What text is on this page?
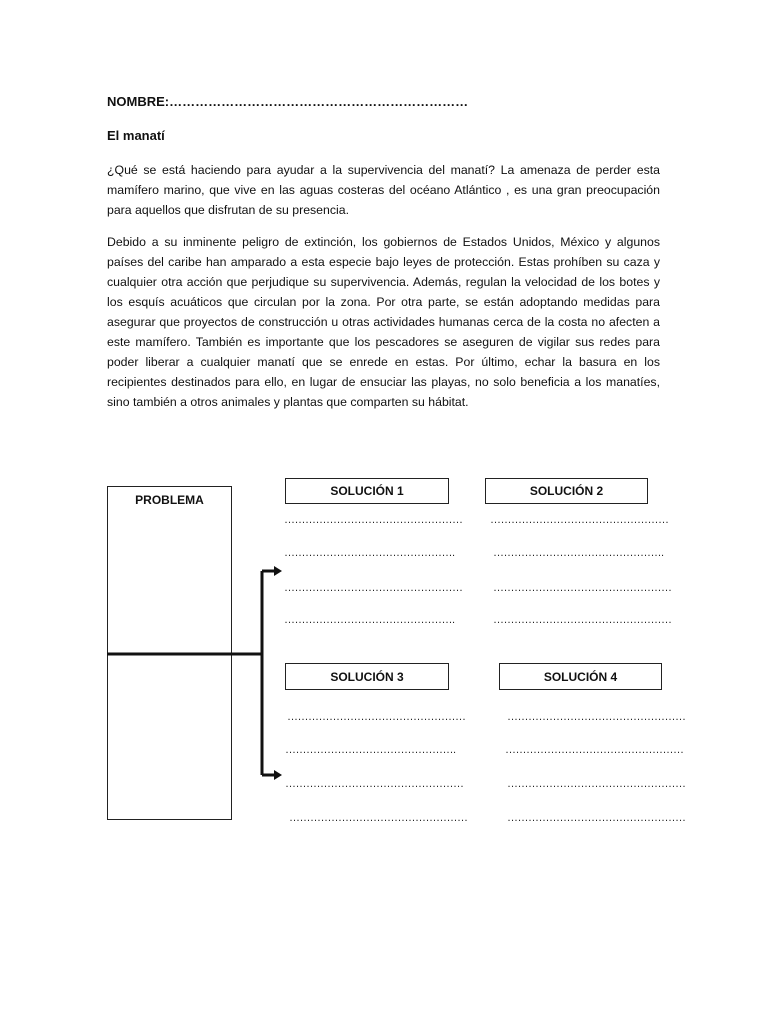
NOMBRE:……………………………………………………………
El manatí
¿Qué se está haciendo para ayudar a la supervivencia del manatí? La amenaza de perder esta mamífero marino, que vive en las aguas costeras del océano Atlántico , es una gran preocupación para aquellos que disfrutan de su presencia.
Debido a su inminente peligro de extinción, los gobiernos de Estados Unidos, México y algunos países del caribe han amparado a esta especie bajo leyes de protección. Estas prohíben su caza y cualquier otra acción que perjudique su supervivencia. Además, regulan la velocidad de los botes y los esquís acuáticos que circulan por la zona. Por otra parte, se están adoptando medidas para asegurar que proyectos de construcción u otras actividades humanas cerca de la costa no afecten a este mamífero. También es importante que los pescadores se aseguren de vigilar sus redes para poder liberar a cualquier manatí que se enrede en estas. Por último, echar la basura en los recipientes destinados para ello, en lugar de ensuciar las playas, no solo beneficia a los manatíes, sino también a otros animales y plantas que comparten su hábitat.
PROBLEMA
SOLUCIÓN 1	SOLUCIÓN 2
SOLUCIÓN 3	SOLUCIÓN 4
……………………………………………
………………………………………….
……………………………………………
………………………………………….
……………………………………………
………………………………………….
……………………………………………
……………………………………………
……………………………………………
………………………………………….
……………………………………………
……………………………………………
……………………………………………
……………………………………………
……………………………………………
……………………………………………
